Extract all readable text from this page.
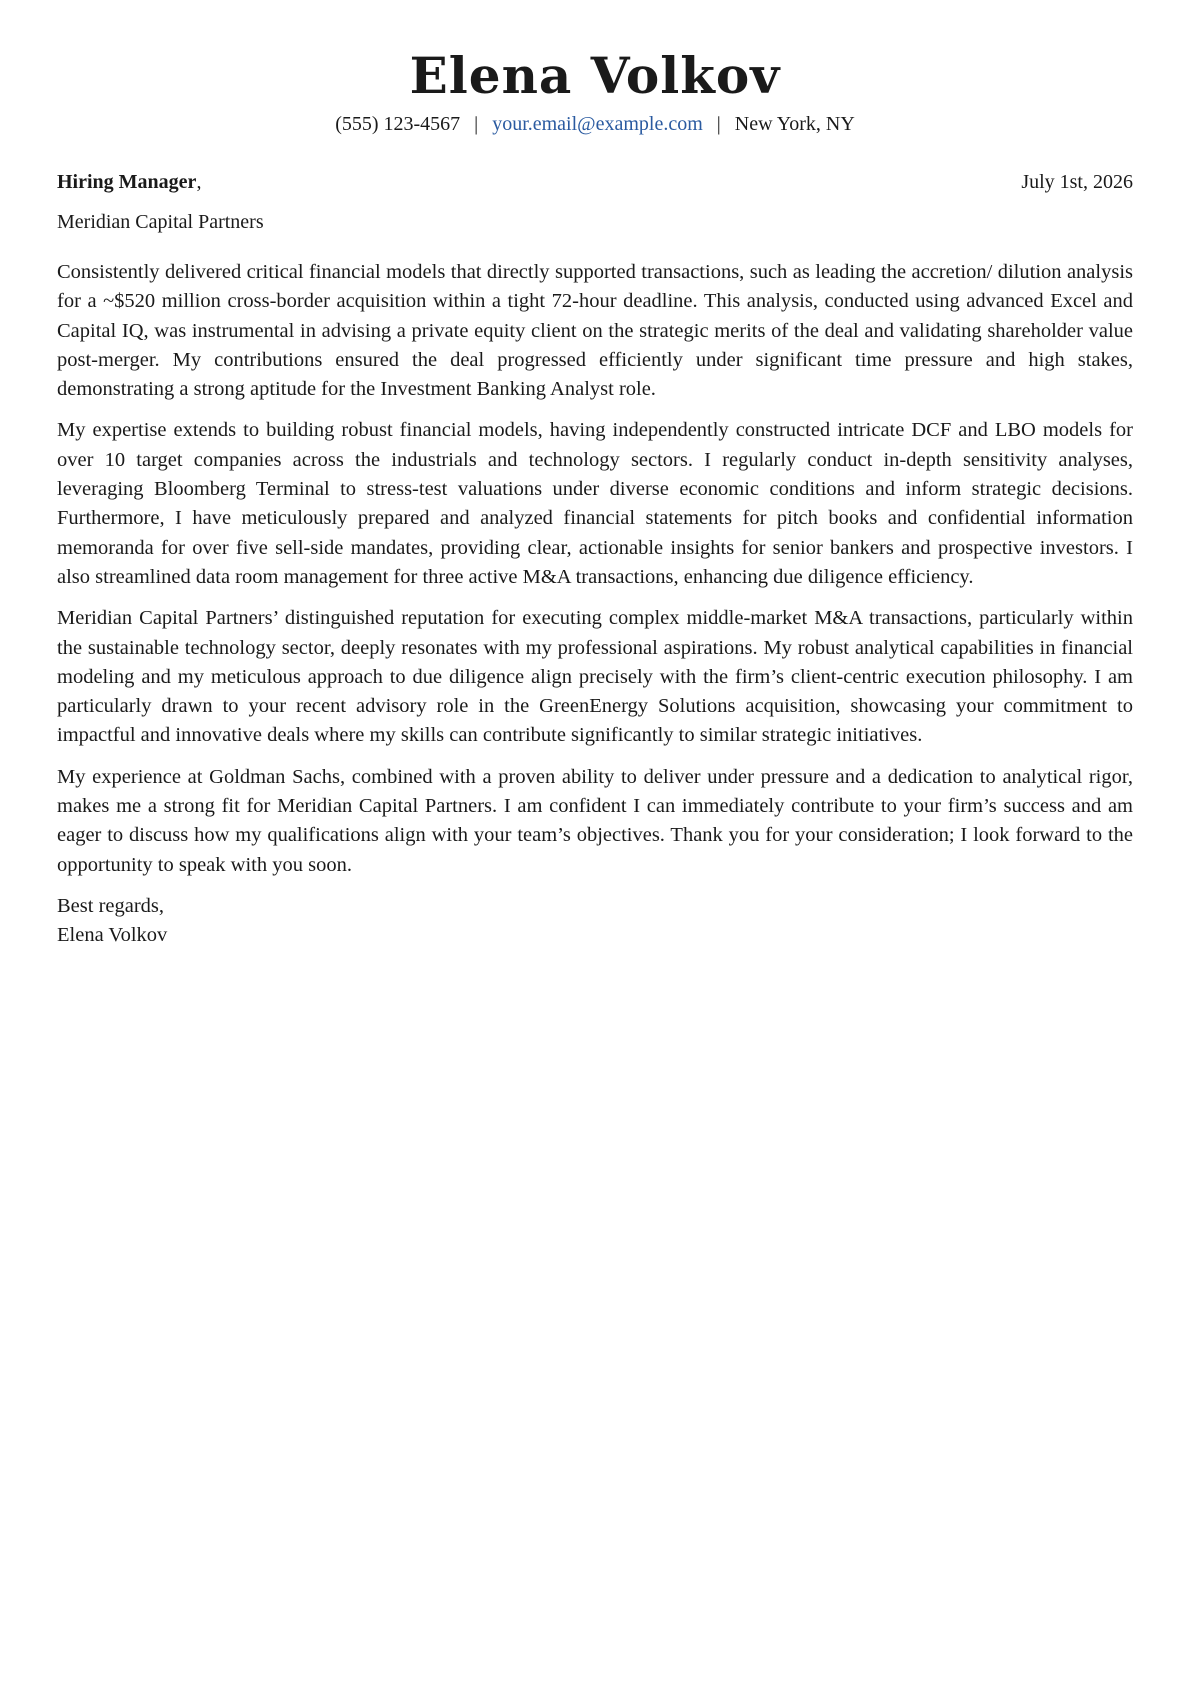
Elena Volkov
(555) 123-4567 | your.email@example.com | New York, NY
Hiring Manager,	July 1st, 2026
Meridian Capital Partners

Consistently delivered critical financial models that directly supported transactions, such as leading the accretion/ dilution analysis for a ~$520 million cross-border acquisition within a tight 72-hour deadline. This analysis, conducted using advanced Excel and Capital IQ, was instrumental in advising a private equity client on the strategic merits of the deal and validating shareholder value post-merger. My contributions ensured the deal progressed efficiently under significant time pressure and high stakes, demonstrating a strong aptitude for the Investment Banking Analyst role.

My expertise extends to building robust financial models, having independently constructed intricate DCF and LBO models for over 10 target companies across the industrials and technology sectors. I regularly conduct in-depth sensitivity analyses, leveraging Bloomberg Terminal to stress-test valuations under diverse economic conditions and inform strategic decisions. Furthermore, I have meticulously prepared and analyzed financial statements for pitch books and confidential information memoranda for over five sell-side mandates, providing clear, actionable insights for senior bankers and prospective investors. I also streamlined data room management for three active M&A transactions, enhancing due diligence efficiency.

Meridian Capital Partners’ distinguished reputation for executing complex middle-market M&A transactions, particularly within the sustainable technology sector, deeply resonates with my professional aspirations. My robust analytical capabilities in financial modeling and my meticulous approach to due diligence align precisely with the firm’s client-centric execution philosophy. I am particularly drawn to your recent advisory role in the GreenEnergy Solutions acquisition, showcasing your commitment to impactful and innovative deals where my skills can contribute significantly to similar strategic initiatives.

My experience at Goldman Sachs, combined with a proven ability to deliver under pressure and a dedication to analytical rigor, makes me a strong fit for Meridian Capital Partners. I am confident I can immediately contribute to your firm’s success and am eager to discuss how my qualifications align with your team’s objectives. Thank you for your consideration; I look forward to the opportunity to speak with you soon.

Best regards,
Elena Volkov
